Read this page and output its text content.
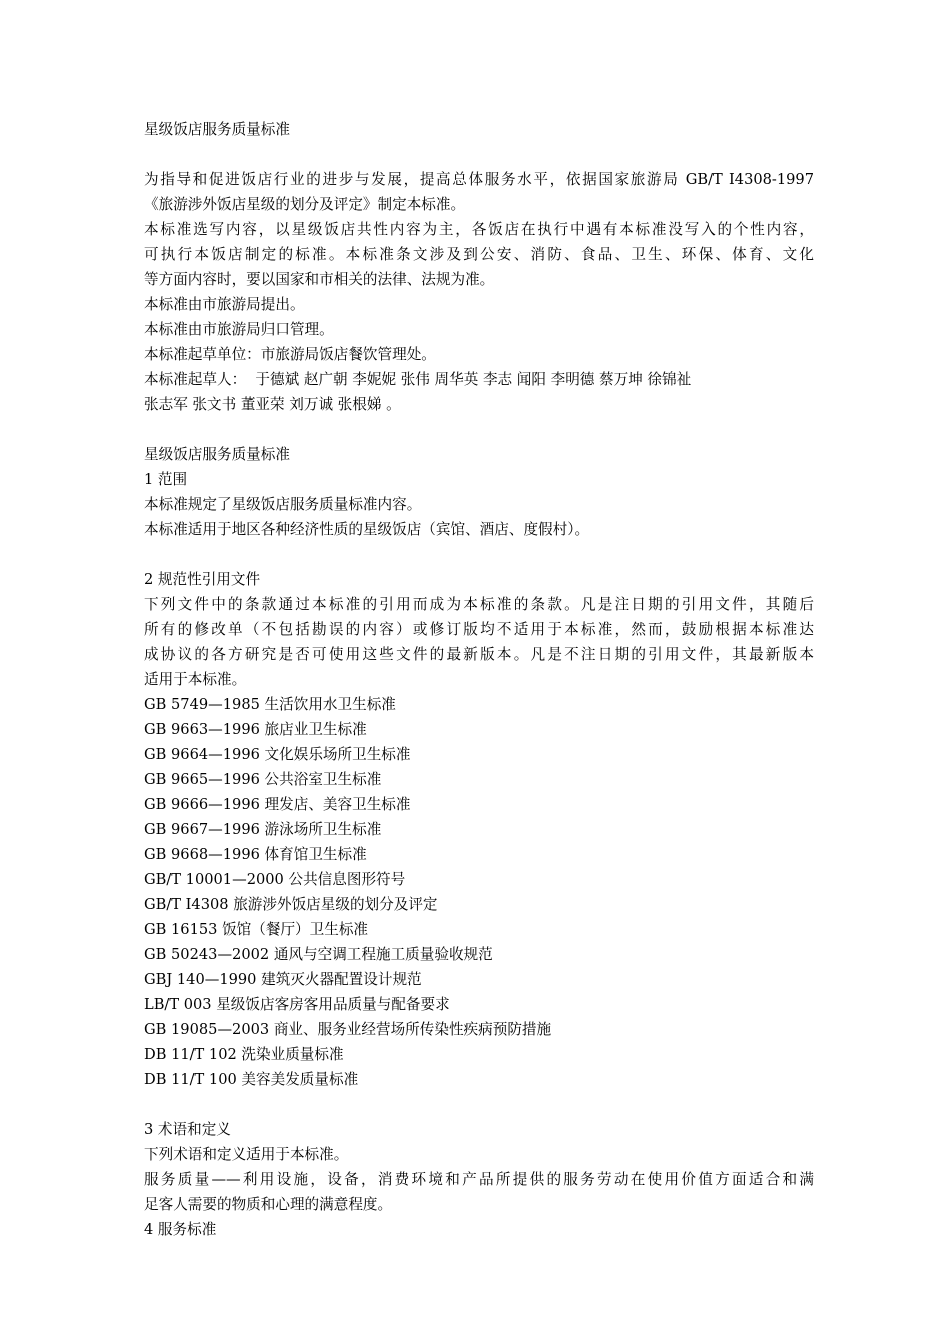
星级饭店服务质量标准
为指导和促进饭店行业的进步与发展，提高总体服务水平，依据国家旅游局 GB/T I4308-1997
《旅游涉外饭店星级的划分及评定》制定本标准。
本标准选写内容，以星级饭店共性内容为主，各饭店在执行中遇有本标准没写入的个性内容，
可执行本饭店制定的标准。本标准条文涉及到公安、消防、食品、卫生、环保、体育、文化
等方面内容时，要以国家和市相关的法律、法规为准。
本标准由市旅游局提出。
本标准由市旅游局归口管理。
本标准起草单位：市旅游局饭店餐饮管理处。
本标准起草人：  于德斌 赵广朝 李妮妮 张伟 周华英 李志 闻阳 李明德 蔡万坤 徐锦祉
张志军 张文书 董亚荣 刘万诚 张根娣 。
星级饭店服务质量标准
1 范围
本标准规定了星级饭店服务质量标准内容。
本标准适用于地区各种经济性质的星级饭店（宾馆、酒店、度假村）。
2 规范性引用文件
下列文件中的条款通过本标准的引用而成为本标准的条款。凡是注日期的引用文件，其随后
所有的修改单（不包括勘误的内容）或修订版均不适用于本标准，然而，鼓励根据本标准达
成协议的各方研究是否可使用这些文件的最新版本。凡是不注日期的引用文件，其最新版本
适用于本标准。
GB 5749—1985 生活饮用水卫生标准
GB 9663—1996 旅店业卫生标准
GB 9664—1996 文化娱乐场所卫生标准
GB 9665—1996 公共浴室卫生标准
GB 9666—1996 理发店、美容卫生标准
GB 9667—1996 游泳场所卫生标准
GB 9668—1996 体育馆卫生标准
GB/T 10001—2000 公共信息图形符号
GB/T I4308 旅游涉外饭店星级的划分及评定
GB 16153 饭馆（餐厅）卫生标准
GB 50243—2002 通风与空调工程施工质量验收规范
GBJ 140—1990 建筑灭火器配置设计规范
LB/T 003 星级饭店客房客用品质量与配备要求
GB 19085—2003 商业、服务业经营场所传染性疾病预防措施
DB 11/T 102 洗染业质量标准
DB 11/T 100 美容美发质量标准
3 术语和定义
下列术语和定义适用于本标准。
服务质量——利用设施，设备，消费环境和产品所提供的服务劳动在使用价值方面适合和满
足客人需要的物质和心理的满意程度。
4 服务标准
